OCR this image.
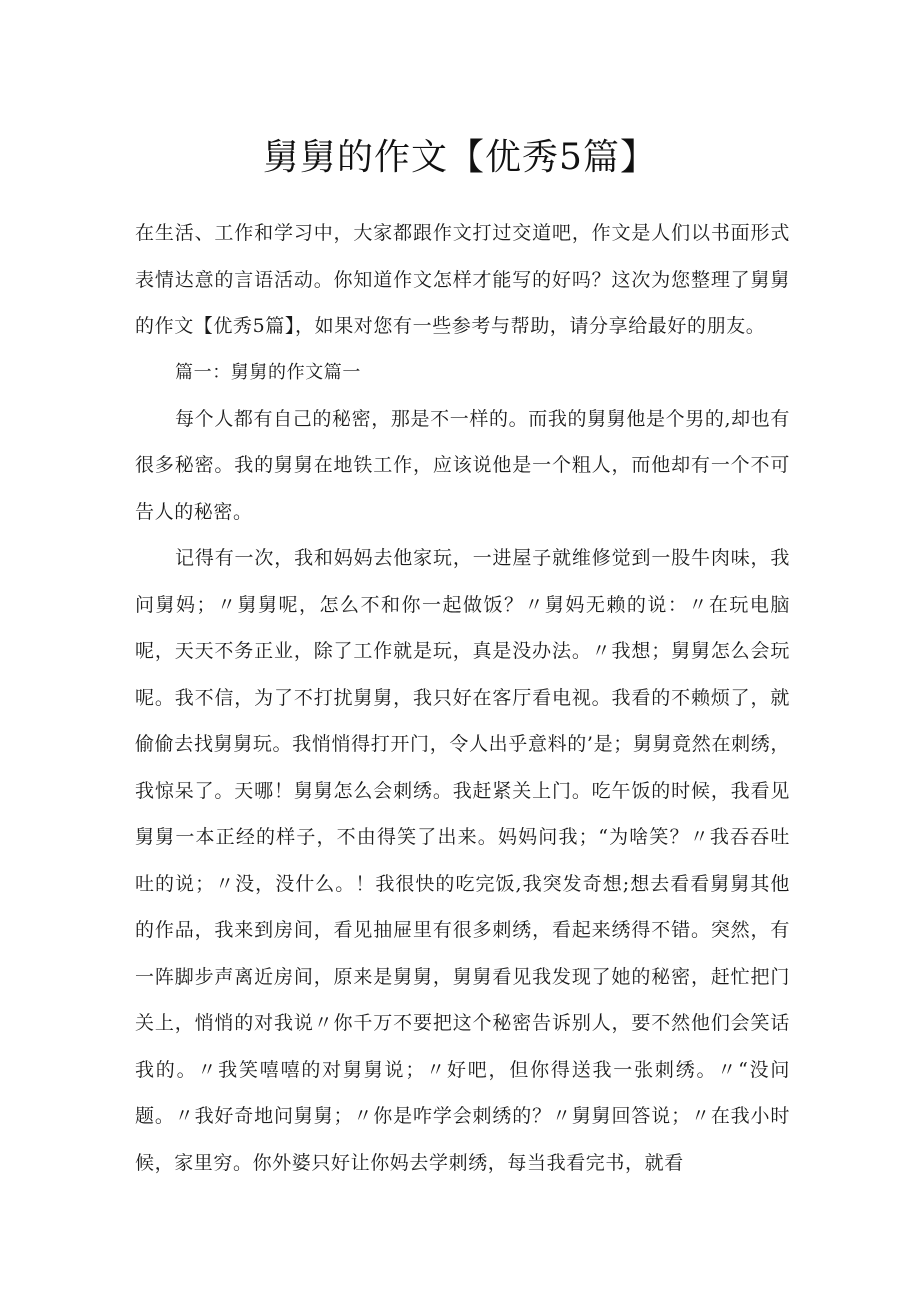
舅舅的作文【优秀5篇】

在生活、工作和学习中，大家都跟作文打过交道吧，作文是人们以书面形式表情达意的言语活动。你知道作文怎样才能写的好吗？这次为您整理了舅舅的作文【优秀5篇】，如果对您有一些参考与帮助，请分享给最好的朋友。

篇一：舅舅的作文篇一

每个人都有自己的秘密，那是不一样的。而我的舅舅他是个男的,却也有很多秘密。我的舅舅在地铁工作，应该说他是一个粗人，而他却有一个不可告人的秘密。

记得有一次，我和妈妈去他家玩，一进屋子就维修觉到一股牛肉味，我问舅妈；〃舅舅呢，怎么不和你一起做饭？〃舅妈无赖的说：〃在玩电脑呢，天天不务正业，除了工作就是玩，真是没办法。〃我想；舅舅怎么会玩呢。我不信，为了不打扰舅舅，我只好在客厅看电视。我看的不赖烦了，就偷偷去找舅舅玩。我悄悄得打开门，令人出乎意料的’是；舅舅竟然在刺绣，我惊呆了。天哪！舅舅怎么会刺绣。我赶紧关上门。吃午饭的时候，我看见舅舅一本正经的样子，不由得笑了出来。妈妈问我；“为啥笑？〃我吞吞吐吐的说；〃没，没什么。！我很快的吃完饭,我突发奇想;想去看看舅舅其他的作品，我来到房间，看见抽屉里有很多刺绣，看起来绣得不错。突然，有一阵脚步声离近房间，原来是舅舅，舅舅看见我发现了她的秘密，赶忙把门关上，悄悄的对我说〃你千万不要把这个秘密告诉别人，要不然他们会笑话我的。〃我笑嘻嘻的对舅舅说；〃好吧，但你得送我一张刺绣。〃“没问题。〃我好奇地问舅舅；〃你是咋学会刺绣的？〃舅舅回答说；〃在我小时候，家里穷。你外婆只好让你妈去学刺绣，每当我看完书，就看
